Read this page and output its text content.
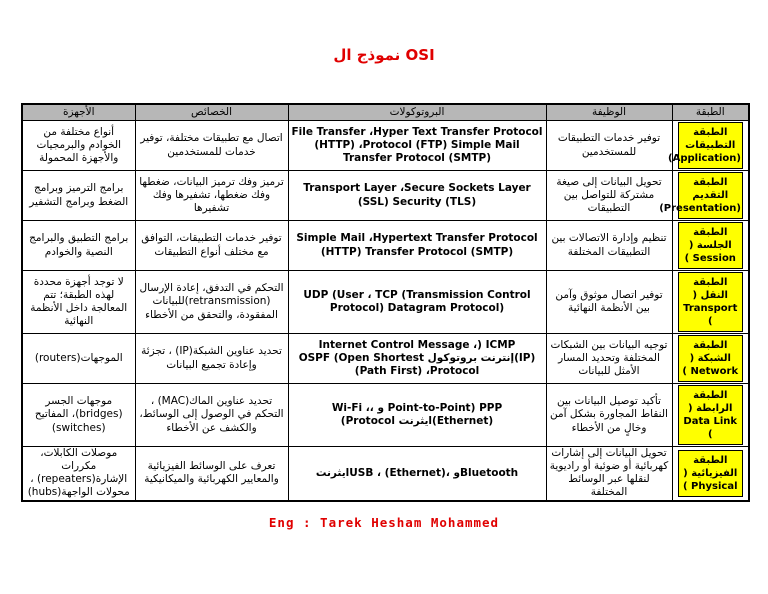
نموذج ال OSI
الطبقة	الوظيفة	البروتوكولات	الخصائص	الأجهزة

الطبقة التطبيقات (Application)	توفير خدمات التطبيقات للمستخدمين	File Transfer ،Hyper Text Transfer Protocol (HTTP) ،Protocol (FTP) Simple Mail Transfer Protocol (SMTP)	اتصال مع تطبيقات مختلفة، توفير خدمات للمستخدمين	أنواع مختلفة من الخوادم والبرمجيات والأجهزة المحمولة

الطبقة التقديم (Presentation)	تحويل البيانات إلى صيغة مشتركة للتواصل بين التطبيقات	Transport Layer ،Secure Sockets Layer (SSL) Security (TLS)	ترميز وفك ترميز البيانات، ضغطها وفك ضغطها، تشفيرها وفك تشفيرها	برامج الترميز وبرامج الضغط وبرامج التشفير

الطبقة الجلسة ( Session )	تنظيم وإدارة الاتصالات بين التطبيقات المختلفة	Simple Mail ،Hypertext Transfer Protocol (HTTP) Transfer Protocol (SMTP)	توفير خدمات التطبيقات، التوافق مع مختلف أنواع التطبيقات	برامج التطبيق والبرامج النصية والخوادم

الطبقة النقل ( Transport )	توفير اتصال موثوق وآمن بين الأنظمة النهائية	UDP (User ، TCP (Transmission Control Protocol) Datagram Protocol)	التحكم في التدفق، إعادة الإرسال (retransmission)للبيانات المفقودة، والتحقق من الأخطاء	لا توجد أجهزة محددة لهذه الطبقة؛ تتم المعالجة داخل الأنظمة النهائية

الطبقة الشبكة ( Network )	توجيه البيانات بين الشبكات المختلفة وتحديد المسار الأمثل للبيانات	ICMP (Internet Control Message ،(IP)إنترنت بروتوكول OSPF (Open Shortest Path First) ،Protocol)	تحديد عناوين الشبكة(IP) ، تجزئة وإعادة تجميع البيانات	الموجهات(routers)

الطبقة الرابطة ( Data Link )	تأكيد توصيل البيانات بين النقاط المجاورة بشكل آمن وخالٍ من الأخطاء	PPP (Point-to-Point و ،Wi-Fi ، (Ethernet)ايثرنت Protocol)	تحديد عناوين الماك(MAC) ، التحكم في الوصول إلى الوسائط، والكشف عن الأخطاء	موجهات الجسر (bridges)، المفاتيح (switches)

الطبقة الفيزيائية ( Physical )	تحويل البيانات إلى إشارات كهربائية أو ضوئية أو راديوية لنقلها عبر الوسائط المختلفة	Bluetoothو ،USB ، (Ethernet)ايثرنت	تعرف على الوسائط الفيزيائية والمعايير الكهربائية والميكانيكية	موصلات الكابلات، مكررات الإشارة(repeaters) ، محولات الواجهة(hubs)
Eng : Tarek Hesham Mohammed
